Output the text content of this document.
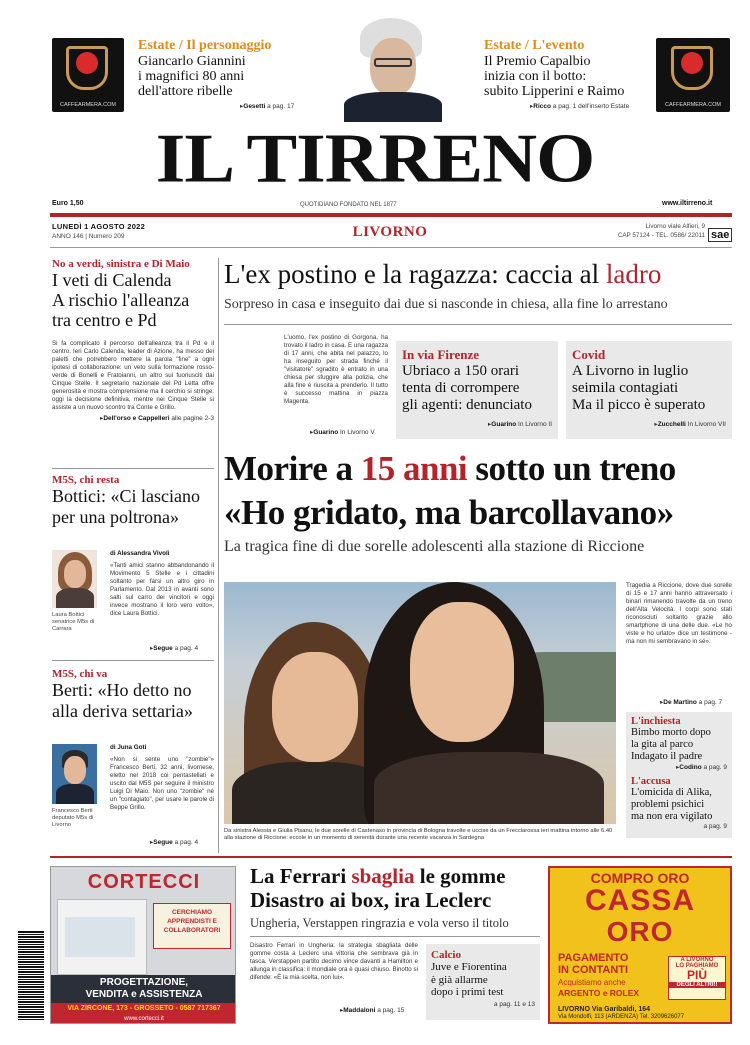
CAFFEARMERA.COM
Estate / Il personaggio
Giancarlo Giannini
i magnifici 80 anni
dell'attore ribelle
▸Gesetti a pag. 17
Estate / L'evento
Il Premio Capalbio
inizia con il botto:
subito Lipperini e Raimo
▸Ricco a pag. 1 dell'inserto Estate	CAFFEARMERA.COM
IL TIRRENO
Euro 1,50	QUOTIDIANO FONDATO NEL 1877	www.iltirreno.it
LUNEDÌ 1 AGOSTO 2022
ANNO 146 | Numero 209	LIVORNO	Livorno viale Alfieri, 9
CAP 57124 - TEL. 0586/ 22011 sae
No a verdi, sinistra e Di Maio
I veti di Calenda
A rischio l'alleanza
tra centro e Pd
Si fa complicato il percorso dell'alleanza tra il Pd e il centro. Ieri Carlo Calenda, leader di Azione, ha messo dei paletti che potrebbero mettere la parola "fine" a ogni ipotesi di collaborazione: un veto sulla formazione rosso-verde di Bonelli e Fratoianni, un altro sui fuoriusciti dai Cinque Stelle. Il segretario nazionale del Pd Letta offre generosità e mostra comprensione ma il cerchio si stringe: oggi la decisione definitiva, mentre nei Cinque Stelle si assiste a un nuovo scontro tra Conte e Grillo.
▸Dell'orso e Cappelleri alle pagine 2-3
M5S, chi resta
Bottici: «Ci lasciano
per una poltrona»
Laura Bottici senatrice M5s di Carrara
di Alessandra Vivoli
«Tanti amici stanno abbandonando il Movimento 5 Stelle e i cittadini soltanto per farsi un altro giro in Parlamento. Dal 2013 in avanti sono salti sul carro dei vincitori e oggi invece mostrano il loro vero volto», dice Laura Bottici.
▸Segue a pag. 4
M5S, chi va
Berti: «Ho detto no
alla deriva settaria»
Francesco Berti deputato M5s di Livorno
di Juna Goti
«Non si sente uno "zombie"» Francesco Berti, 32 anni, livornese, eletto nel 2018 coi pentastellati e uscito dal M5S per seguire il ministro Luigi Di Maio. Non uno "zombie" né un "contagiato", per usare le parole di Beppe Grillo.
▸Segue a pag. 4
L'ex postino e la ragazza: caccia al ladro
Sorpreso in casa e inseguito dai due si nasconde in chiesa, alla fine lo arrestano
L'uomo, l'ex postino di Gorgona, ha trovato il ladro in casa. E una ragazza di 17 anni, che abita nel palazzo, lo ha inseguito per strada finché il "visitatore" sgradito è entrato in una chiesa per sfuggire alla polizia, che alla fine è riuscita a prenderlo. Il tutto è successo mattina in piazza Magenta.
▸Guarino In Livorno V
In via Firenze
Ubriaco a 150 orari
tenta di corrompere
gli agenti: denunciato
▸Guarino In Livorno II
Covid
A Livorno in luglio
seimila contagiati
Ma il picco è superato
▸Zucchelli In Livorno VII
Morire a 15 anni sotto un treno
«Ho gridato, ma barcollavano»
La tragica fine di due sorelle adolescenti alla stazione di Riccione
Da sinistra Alessia e Giulia Pisanu, le due sorelle di Castenaso in provincia di Bologna travolte e uccise da un Frecciarossa ieri mattina intorno alle 6.40 alla stazione di Riccione: eccole in un momento di serenità durante una recente vacanza in Sardegna
Tragedia a Riccione, dove due sorelle di 15 e 17 anni hanno attraversato i binari rimanendo travolte da un treno dell'Alta Velocità. I corpi sono stati riconosciuti soltanto grazie allo smartphone di una delle due. «Le ho viste e ho urlato» dice un testimone - ma non mi sembravano in sé».
▸De Martino a pag. 7
L'inchiesta
Bimbo morto dopo
la gita al parco
Indagato il padre
▸Codino a pag. 9
L'accusa
L'omicida di Alika,
problemi psichici
ma non era vigilato
a pag. 9
CORTECCI
CERCHIAMO APPRENDISTI E COLLABORATORI
PROGETTAZIONE,
VENDITA e ASSISTENZA
VIA ZIRCONE, 173 - GROSSETO - 0587 717367
www.cortecci.it
La Ferrari sbaglia le gomme
Disastro ai box, ira Leclerc
Ungheria, Verstappen ringrazia e vola verso il titolo
Disastro Ferrari in Ungheria: la strategia sbagliata delle gomme costa a Leclerc una vittoria che sembrava già in tasca. Verstappen partito decimo vince davanti a Hamilton e allunga in classifica: il mondiale ora è quasi chiuso. Binotto si difende: «È la mia scelta, non lui».
▸Maddaloni a pag. 15
Calcio
Juve e Fiorentina
è già allarme
dopo i primi test
a pag. 11 e 13
COMPRO ORO
CASSA
ORO
PAGAMENTO
IN CONTANTI
Acquistiamo anche
ARGENTO e ROLEX
A LIVORNO
LO PAGHIAMO
PIÙ
DEGLI ALTRI!!
LIVORNO Via Garibaldi, 164
Via Mondolfi, 113 (ARDENZA) Tel. 3209626077
